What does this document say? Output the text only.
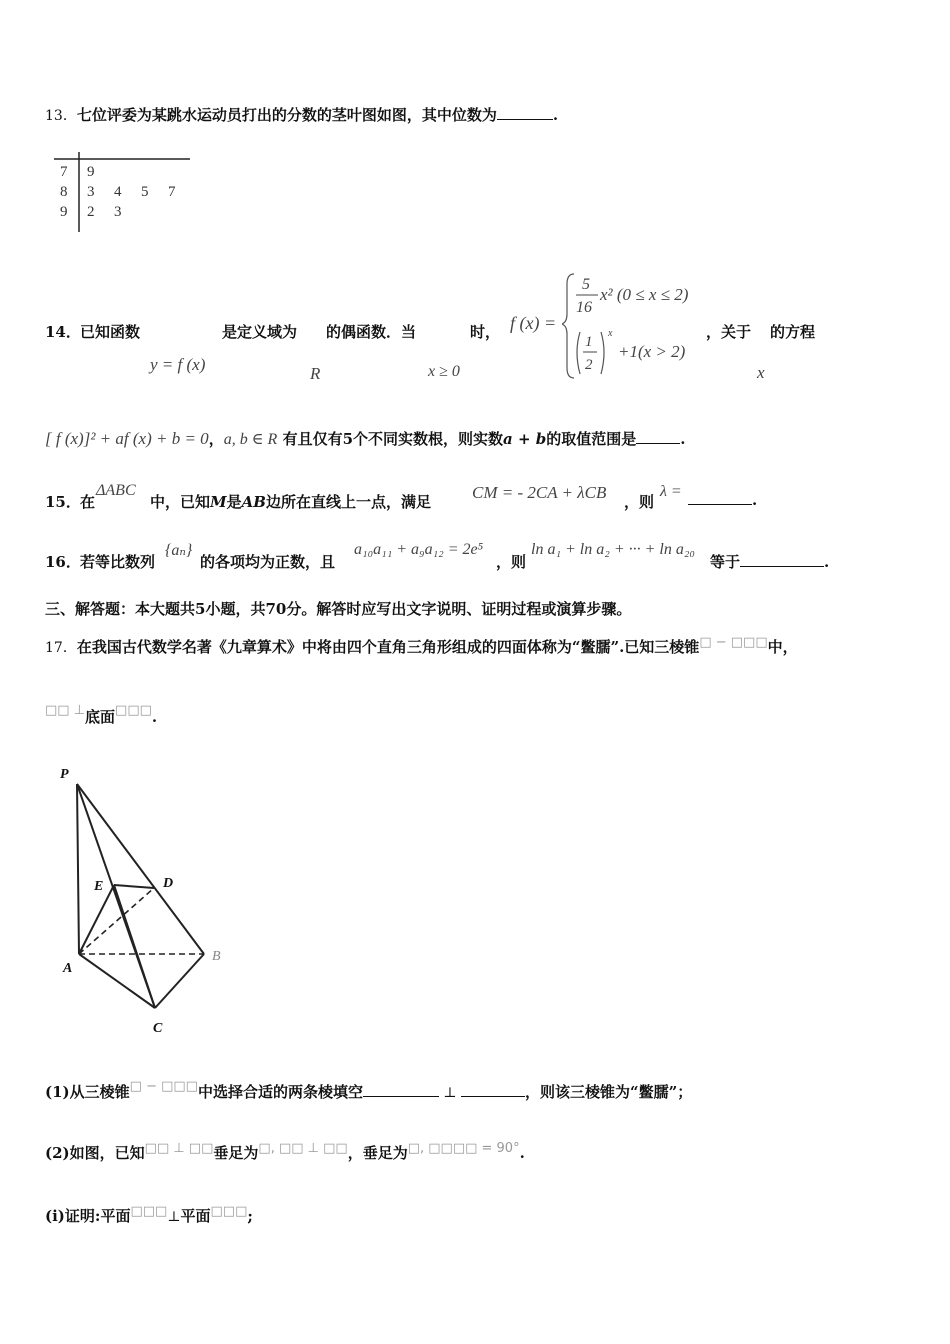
13．七位评委为某跳水运动员打出的分数的茎叶图如图，其中位数为	.
7 9
8 3 4 5 7
9 2 3
14． 已知函数
y = f (x)
是定义域为
R
的偶函数．当
x ≥ 0
时， f (x) =
5
16
x² (0 ≤ x ≤ 2)
1
2
x
+1(x > 2)
，关于
x
的方程
[ f (x)]² + af (x) + b = 0，a, b ∈ R 有且仅有5个不同实数根，则实数a + b的取值范围是	.
15． 在
ΔABC
中，已知M是AB边所在直线上一点，满足 CM = - 2CA + λCB ，则
λ =	.
16． 若等比数列
{aₙ}
的各项均为正数，且
a₁₀a₁₁ + a₉a₁₂ = 2e⁵
，则
ln a₁ + ln a₂ + ··· + ln a₂₀
等于	.
三、解答题：本大题共5小题，共70分。解答时应写出文字说明、证明过程或演算步骤。
17．在我国古代数学名著《九章算术》中将由四个直角三角形组成的四面体称为“鳖臑”.已知三棱锥□ − □□□中，
□□ ⊥底面□□□.
P
E	D
A
B
C
(1)从三棱锥□ − □□□中选择合适的两条棱填空	⊥	，则该三棱锥为“鳖臑”；
(2)如图，已知□□ ⊥ □□垂足为□, □□ ⊥ □□，垂足为□, □□□□ = 90°.
(i)证明:平面□□□⊥平面□□□;
